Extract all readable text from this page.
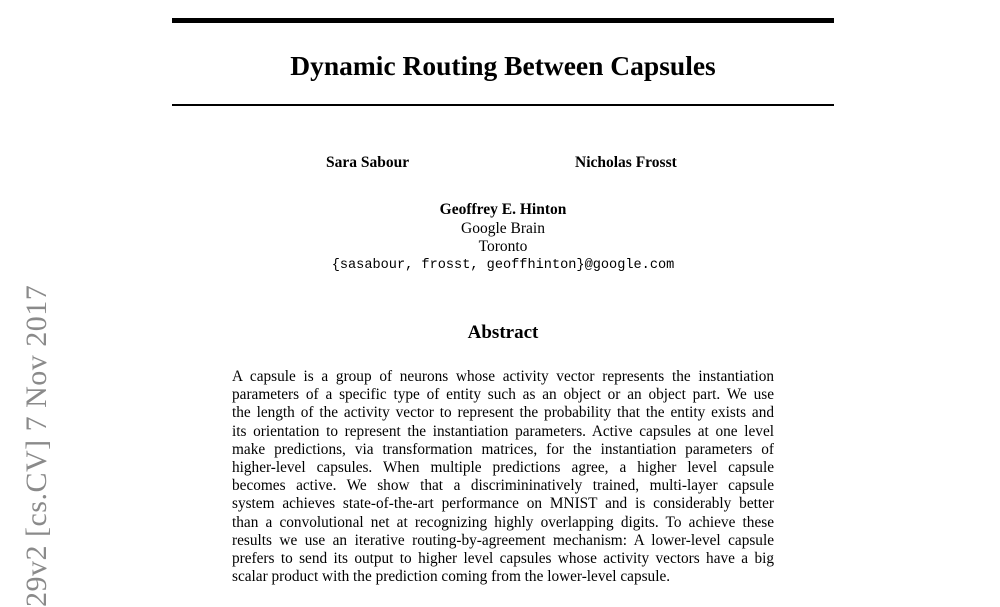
Dynamic Routing Between Capsules
Sara Sabour	Nicholas Frosst
Geoffrey E. Hinton
Google Brain
Toronto
{sasabour, frosst, geoffhinton}@google.com
Abstract
A capsule is a group of neurons whose activity vector represents the instantiation
parameters of a specific type of entity such as an object or an object part. We use
the length of the activity vector to represent the probability that the entity exists and
its orientation to represent the instantiation parameters. Active capsules at one level
make predictions, via transformation matrices, for the instantiation parameters of
higher-level capsules. When multiple predictions agree, a higher level capsule
becomes active. We show that a discrimininatively trained, multi-layer capsule
system achieves state-of-the-art performance on MNIST and is considerably better
than a convolutional net at recognizing highly overlapping digits. To achieve these
results we use an iterative routing-by-agreement mechanism: A lower-level capsule
prefers to send its output to higher level capsules whose activity vectors have a big
scalar product with the prediction coming from the lower-level capsule.
29v2 [cs.CV] 7 Nov 2017
